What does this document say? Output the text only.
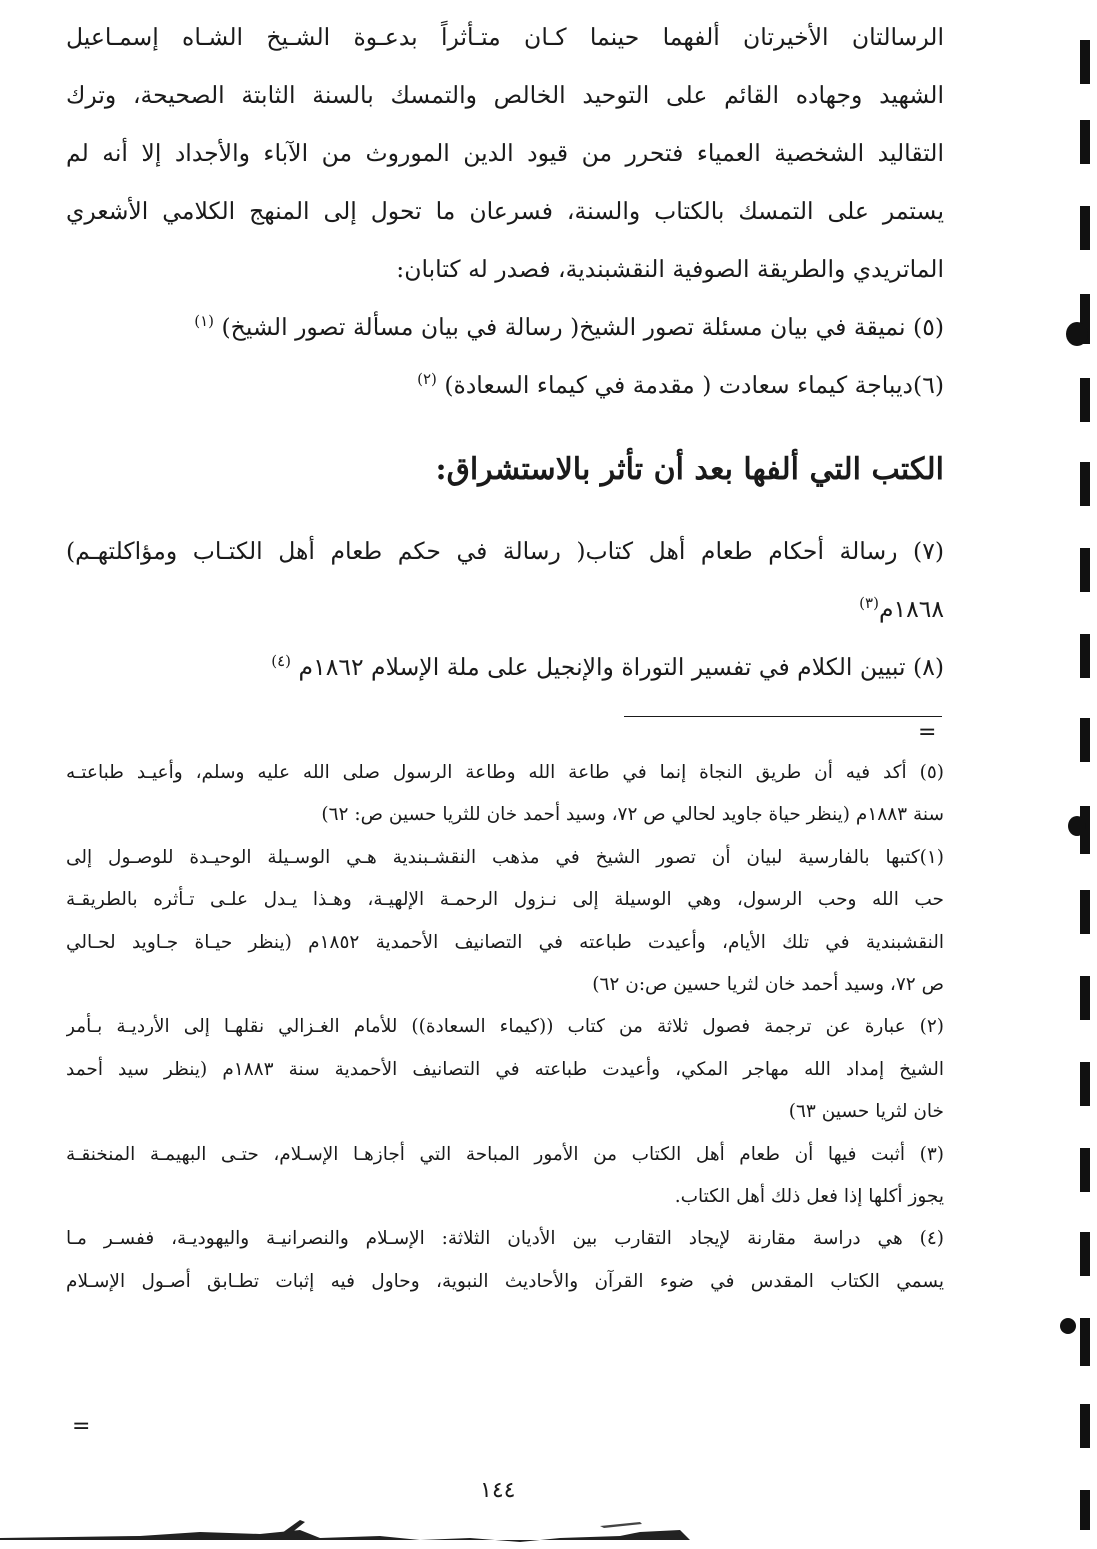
الرسالتان الأخيرتان ألفهما حينما كـان متـأثراً بدعـوة الشـيخ الشـاه إسمـاعيل

الشهيد وجهاده القائم على التوحيد الخالص والتمسك بالسنة الثابتة الصحيحة، وترك

التقاليد الشخصية العمياء فتحرر من قيود الدين الموروث من الآباء والأجداد إلا أنه لم

يستمر على التمسك بالكتاب والسنة، فسرعان ما تحول إلى المنهج الكلامي الأشعري

الماتريدي والطريقة الصوفية النقشبندية، فصدر له كتابان:

(٥) نميقة في بيان مسئلة تصور الشيخ( رسالة في بيان مسألة تصور الشيخ) $^{(١)}$

(٦)ديباجة كيماء سعادت ( مقدمة في كيماء السعادة) $^{(٢)}$

الكتب التي ألفها بعد أن تأثر بالاستشراق:

(٧) رسالة أحكام طعام أهل كتاب( رسالة في حكم طعام أهل الكتـاب ومؤاكلتهـم)

١٨٦٨م$^{(٣)}$

(٨) تبيين الكلام في تفسير التوراة والإنجيل على ملة الإسلام ١٨٦٢م $^{(٤)}$

=

(٥) أكد فيه أن طريق النجاة إنما في طاعة الله وطاعة الرسول صلى الله عليه وسلم، وأعيـد طباعتـه

سنة ١٨٨٣م (ينظر حياة جاويد لحالي ص ٧٢، وسيد أحمد خان للثريا حسين ص: ٦٢)

(١)كتبها بالفارسية لبيان أن تصور الشيخ في مذهب النقشـبندية هـي الوسـيلة الوحيـدة للوصـول إلى

حب الله وحب الرسول، وهي الوسيلة إلى نـزول الرحمـة الإلهيـة، وهـذا يـدل علـى تـأثره بالطريقـة

النقشبندية في تلك الأيام، وأعيدت طباعته في التصانيف الأحمدية ١٨٥٢م (ينظر حيـاة جـاويد لحـالي

ص ٧٢، وسيد أحمد خان لثريا حسين ص:ن ٦٢)

(٢) عبارة عن ترجمة فصول ثلاثة من كتاب ((كيماء السعادة)) للأمام الغـزالي نقلهـا إلى الأرديـة بـأمر

الشيخ إمداد الله مهاجر المكي، وأعيدت طباعته في التصانيف الأحمدية سنة ١٨٨٣م (ينظر سيد أحمد

خان لثريا حسين ٦٣)

(٣) أثبت فيها أن طعام أهل الكتاب من الأمور المباحة التي أجازهـا الإسـلام، حتـى البهيمـة المنخنقـة

يجوز أكلها إذا فعل ذلك أهل الكتاب.

(٤) هي دراسة مقارنة لإيجاد التقارب بين الأديان الثلاثة: الإسـلام والنصرانيـة واليهوديـة، ففسـر مـا

يسمي الكتاب المقدس في ضوء القرآن والأحاديث النبوية، وحاول فيه إثبات تطـابق أصـول الإسـلام

=
١٤٤
